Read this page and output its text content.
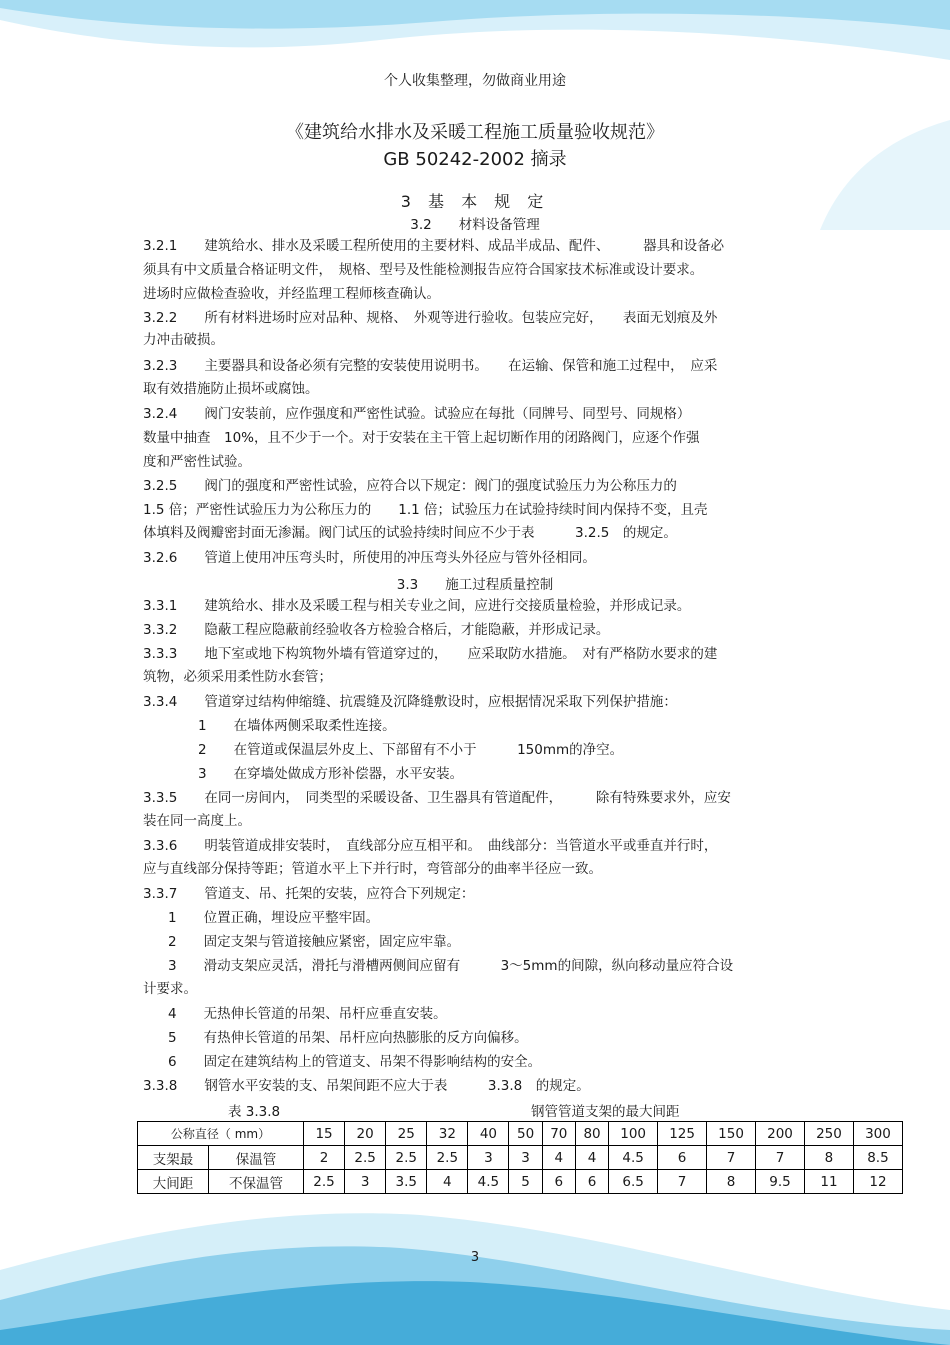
个人收集整理，勿做商业用途
《建筑给水排水及采暖工程施工质量验收规范》
GB 50242-2002 摘录
3 基 本 规 定
3.2　　材料设备管理
3.2.1　　建筑给水、排水及采暖工程所使用的主要材料、成品半成品、配件、　　　器具和设备必
须具有中文质量合格证明文件，　规格、型号及性能检测报告应符合国家技术标准或设计要求。
进场时应做检查验收，并经监理工程师核查确认。
3.2.2　　所有材料进场时应对品种、规格、　外观等进行验收。包装应完好，　　表面无划痕及外
力冲击破损。
3.2.3　　主要器具和设备必须有完整的安装使用说明书。　　在运输、保管和施工过程中，　应采
取有效措施防止损坏或腐蚀。
3.2.4　　阀门安装前，应作强度和严密性试验。试验应在每批（同牌号、同型号、同规格）
数量中抽查　10%，且不少于一个。对于安装在主干管上起切断作用的闭路阀门，应逐个作强
度和严密性试验。
3.2.5　　阀门的强度和严密性试验，应符合以下规定：阀门的强度试验压力为公称压力的
1.5 倍；严密性试验压力为公称压力的　　1.1 倍；试验压力在试验持续时间内保持不变，且壳
体填料及阀瓣密封面无渗漏。阀门试压的试验持续时间应不少于表　　　3.2.5　的规定。
3.2.6　　管道上使用冲压弯头时，所使用的冲压弯头外径应与管外径相同。
3.3　　施工过程质量控制
3.3.1　　建筑给水、排水及采暖工程与相关专业之间，应进行交接质量检验，并形成记录。
3.3.2　　隐蔽工程应隐蔽前经验收各方检验合格后，才能隐蔽，并形成记录。
3.3.3　　地下室或地下构筑物外墙有管道穿过的，　　应采取防水措施。　对有严格防水要求的建
筑物，必须采用柔性防水套管；
3.3.4　　管道穿过结构伸缩缝、抗震缝及沉降缝敷设时，应根据情况采取下列保护措施：
1　　在墙体两侧采取柔性连接。
2　　在管道或保温层外皮上、下部留有不小于　　　150mm的净空。
3　　在穿墙处做成方形补偿器，水平安装。
3.3.5　　在同一房间内，　同类型的采暖设备、卫生器具有管道配件，　　　除有特殊要求外，应安
装在同一高度上。
3.3.6　　明装管道成排安装时，　直线部分应互相平和。　曲线部分：当管道水平或垂直并行时，
应与直线部分保持等距；管道水平上下并行时，弯管部分的曲率半径应一致。
3.3.7　　管道支、吊、托架的安装，应符合下列规定：
1　　位置正确，埋设应平整牢固。
2　　固定支架与管道接触应紧密，固定应牢靠。
3　　滑动支架应灵活，滑托与滑槽两侧间应留有　　　3～5mm的间隙，纵向移动量应符合设
计要求。
4　　无热伸长管道的吊架、吊杆应垂直安装。
5　　有热伸长管道的吊架、吊杆应向热膨胀的反方向偏移。
6　　固定在建筑结构上的管道支、吊架不得影响结构的安全。
3.3.8　　钢管水平安装的支、吊架间距不应大于表　　　3.3.8　的规定。
表 3.3.8	钢管管道支架的最大间距
公称直径（ mm）		15	20	25	32	40	50	70	80	100	125	150	200	250	300
支架最	保温管	2	2.5	2.5	2.5	3	3	4	4	4.5	6	7	7	8	8.5
大间距	不保温管	2.5	3	3.5	4	4.5	5	6	6	6.5	7	8	9.5	11	12
3
